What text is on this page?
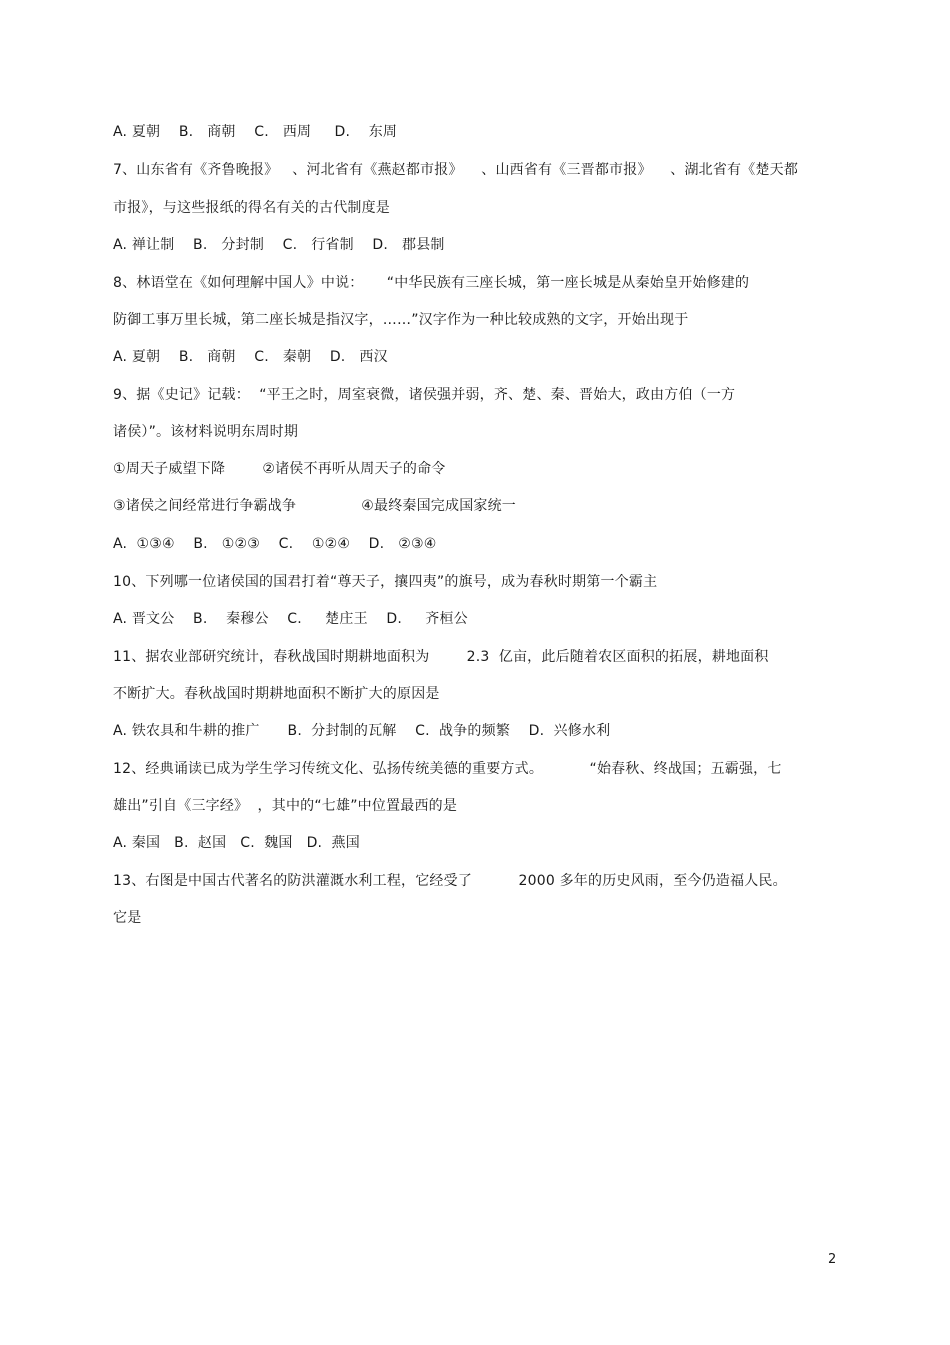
A. 夏朝    B.   商朝    C.   西周     D.    东周
7、山东省有《齐鲁晚报》   、河北省有《燕赵都市报》    、山西省有《三晋都市报》    、湖北省有《楚天都
市报》，与这些报纸的得名有关的古代制度是
A. 禅让制    B.   分封制    C.   行省制    D.   郡县制
8、林语堂在《如何理解中国人》中说：     “中华民族有三座长城，第一座长城是从秦始皇开始修建的
防御工事万里长城，第二座长城是指汉字，……”汉字作为一种比较成熟的文字，开始出现于
A. 夏朝    B.   商朝    C.   秦朝    D.   西汉
9、据《史记》记载：  “平王之时，周室衰微，诸侯强并弱，齐、楚、秦、晋始大，政由方伯（一方
诸侯）”。该材料说明东周时期
①周天子威望下降        ②诸侯不再听从周天子的命令
③诸侯之间经常进行争霸战争              ④最终秦国完成国家统一
A.  ①③④    B.   ①②③    C.    ①②④    D.   ②③④
10、下列哪一位诸侯国的国君打着“尊天子，攘四夷”的旗号，成为春秋时期第一个霸主
A. 晋文公    B.    秦穆公    C.     楚庄王    D.     齐桓公
11、据农业部研究统计，春秋战国时期耕地面积为        2.3  亿亩，此后随着农区面积的拓展，耕地面积
不断扩大。春秋战国时期耕地面积不断扩大的原因是
A. 铁农具和牛耕的推广      B.  分封制的瓦解    C.  战争的频繁    D.  兴修水利
12、经典诵读已成为学生学习传统文化、弘扬传统美德的重要方式。          “始春秋、终战国；五霸强，七
雄出”引自《三字经》  ，其中的“七雄”中位置最西的是
A. 秦国   B.  赵国   C.  魏国   D.  燕国
13、右图是中国古代著名的防洪灌溉水利工程，它经受了          2000 多年的历史风雨，至今仍造福人民。
它是
2
